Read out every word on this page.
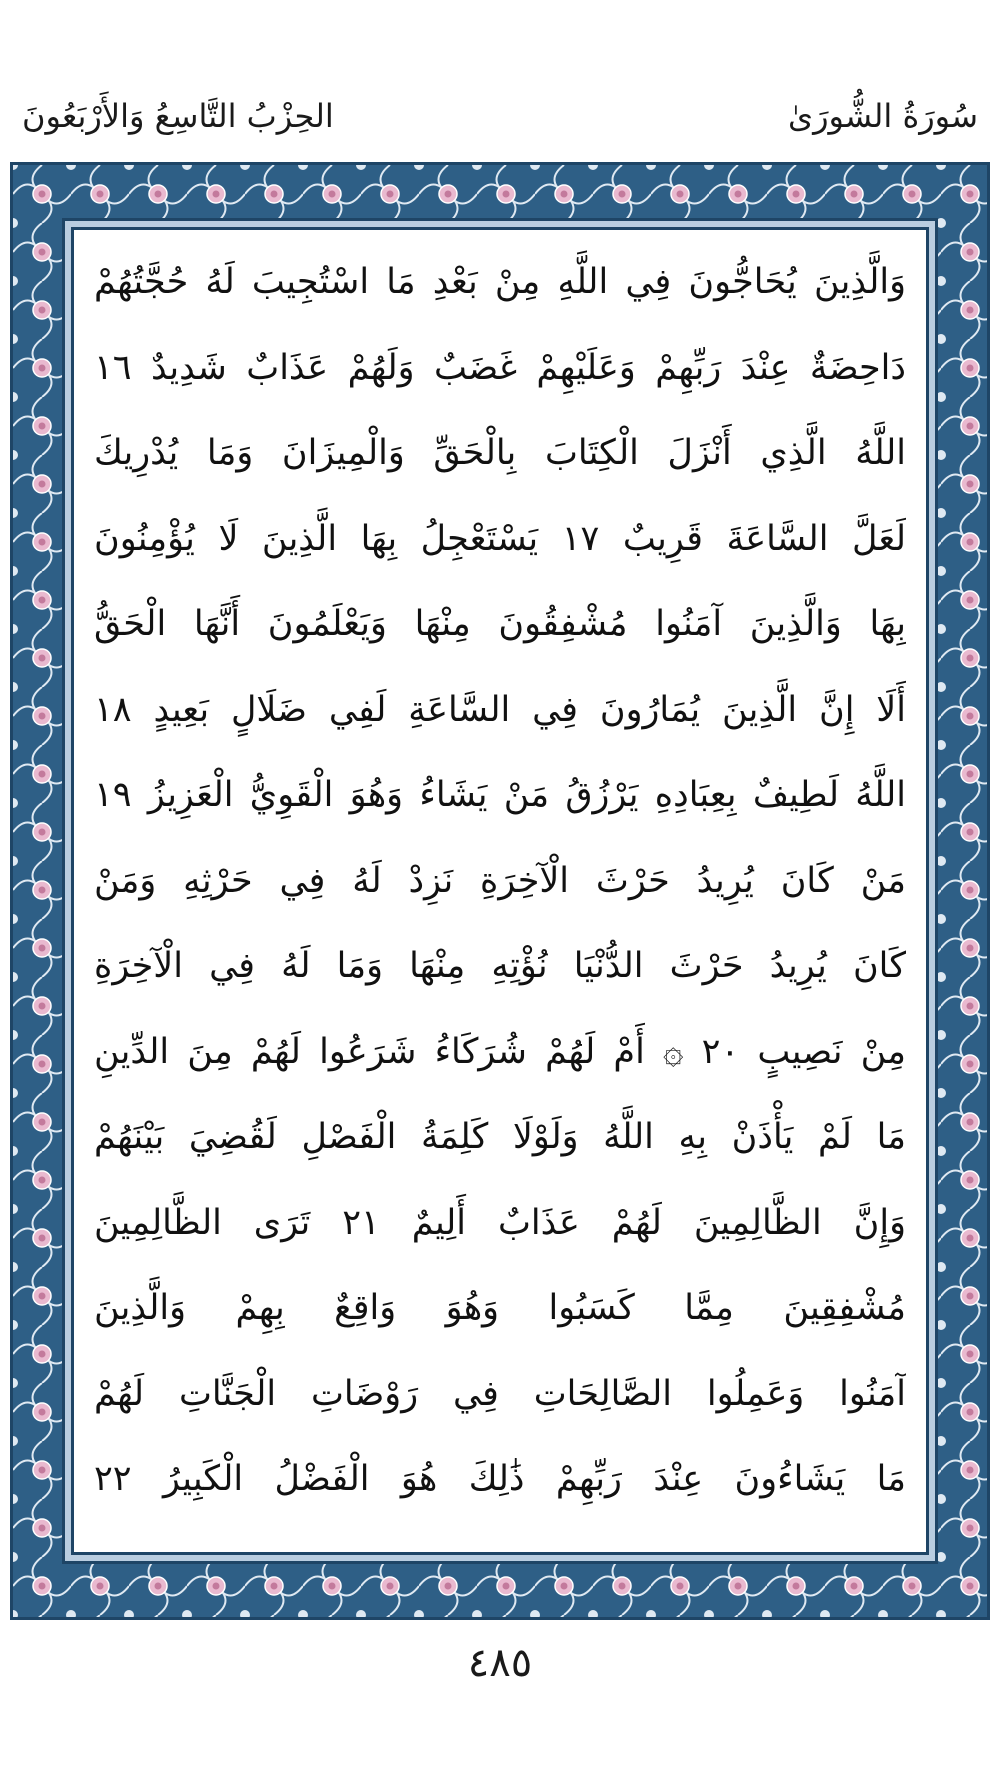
الحِزْبُ التَّاسِعُ وَالأَرْبَعُونَ	سُورَةُ الشُّورَىٰ
وَالَّذِينَ يُحَاجُّونَ فِي اللَّهِ مِنْ بَعْدِ مَا اسْتُجِيبَ لَهُ حُجَّتُهُمْ
دَاحِضَةٌ عِنْدَ رَبِّهِمْ وَعَلَيْهِمْ غَضَبٌ وَلَهُمْ عَذَابٌ شَدِيدٌ ١٦
اللَّهُ الَّذِي أَنْزَلَ الْكِتَابَ بِالْحَقِّ وَالْمِيزَانَ وَمَا يُدْرِيكَ
لَعَلَّ السَّاعَةَ قَرِيبٌ ١٧ يَسْتَعْجِلُ بِهَا الَّذِينَ لَا يُؤْمِنُونَ
بِهَا وَالَّذِينَ آمَنُوا مُشْفِقُونَ مِنْهَا وَيَعْلَمُونَ أَنَّهَا الْحَقُّ
أَلَا إِنَّ الَّذِينَ يُمَارُونَ فِي السَّاعَةِ لَفِي ضَلَالٍ بَعِيدٍ ١٨
اللَّهُ لَطِيفٌ بِعِبَادِهِ يَرْزُقُ مَنْ يَشَاءُ وَهُوَ الْقَوِيُّ الْعَزِيزُ ١٩
مَنْ كَانَ يُرِيدُ حَرْثَ الْآخِرَةِ نَزِدْ لَهُ فِي حَرْثِهِ وَمَنْ
كَانَ يُرِيدُ حَرْثَ الدُّنْيَا نُؤْتِهِ مِنْهَا وَمَا لَهُ فِي الْآخِرَةِ
مِنْ نَصِيبٍ ٢٠ ۞ أَمْ لَهُمْ شُرَكَاءُ شَرَعُوا لَهُمْ مِنَ الدِّينِ
مَا لَمْ يَأْذَنْ بِهِ اللَّهُ وَلَوْلَا كَلِمَةُ الْفَصْلِ لَقُضِيَ بَيْنَهُمْ
وَإِنَّ الظَّالِمِينَ لَهُمْ عَذَابٌ أَلِيمٌ ٢١ تَرَى الظَّالِمِينَ
مُشْفِقِينَ مِمَّا كَسَبُوا وَهُوَ وَاقِعٌ بِهِمْ وَالَّذِينَ
آمَنُوا وَعَمِلُوا الصَّالِحَاتِ فِي رَوْضَاتِ الْجَنَّاتِ لَهُمْ
مَا يَشَاءُونَ عِنْدَ رَبِّهِمْ ذَٰلِكَ هُوَ الْفَضْلُ الْكَبِيرُ ٢٢
٤٨٥
